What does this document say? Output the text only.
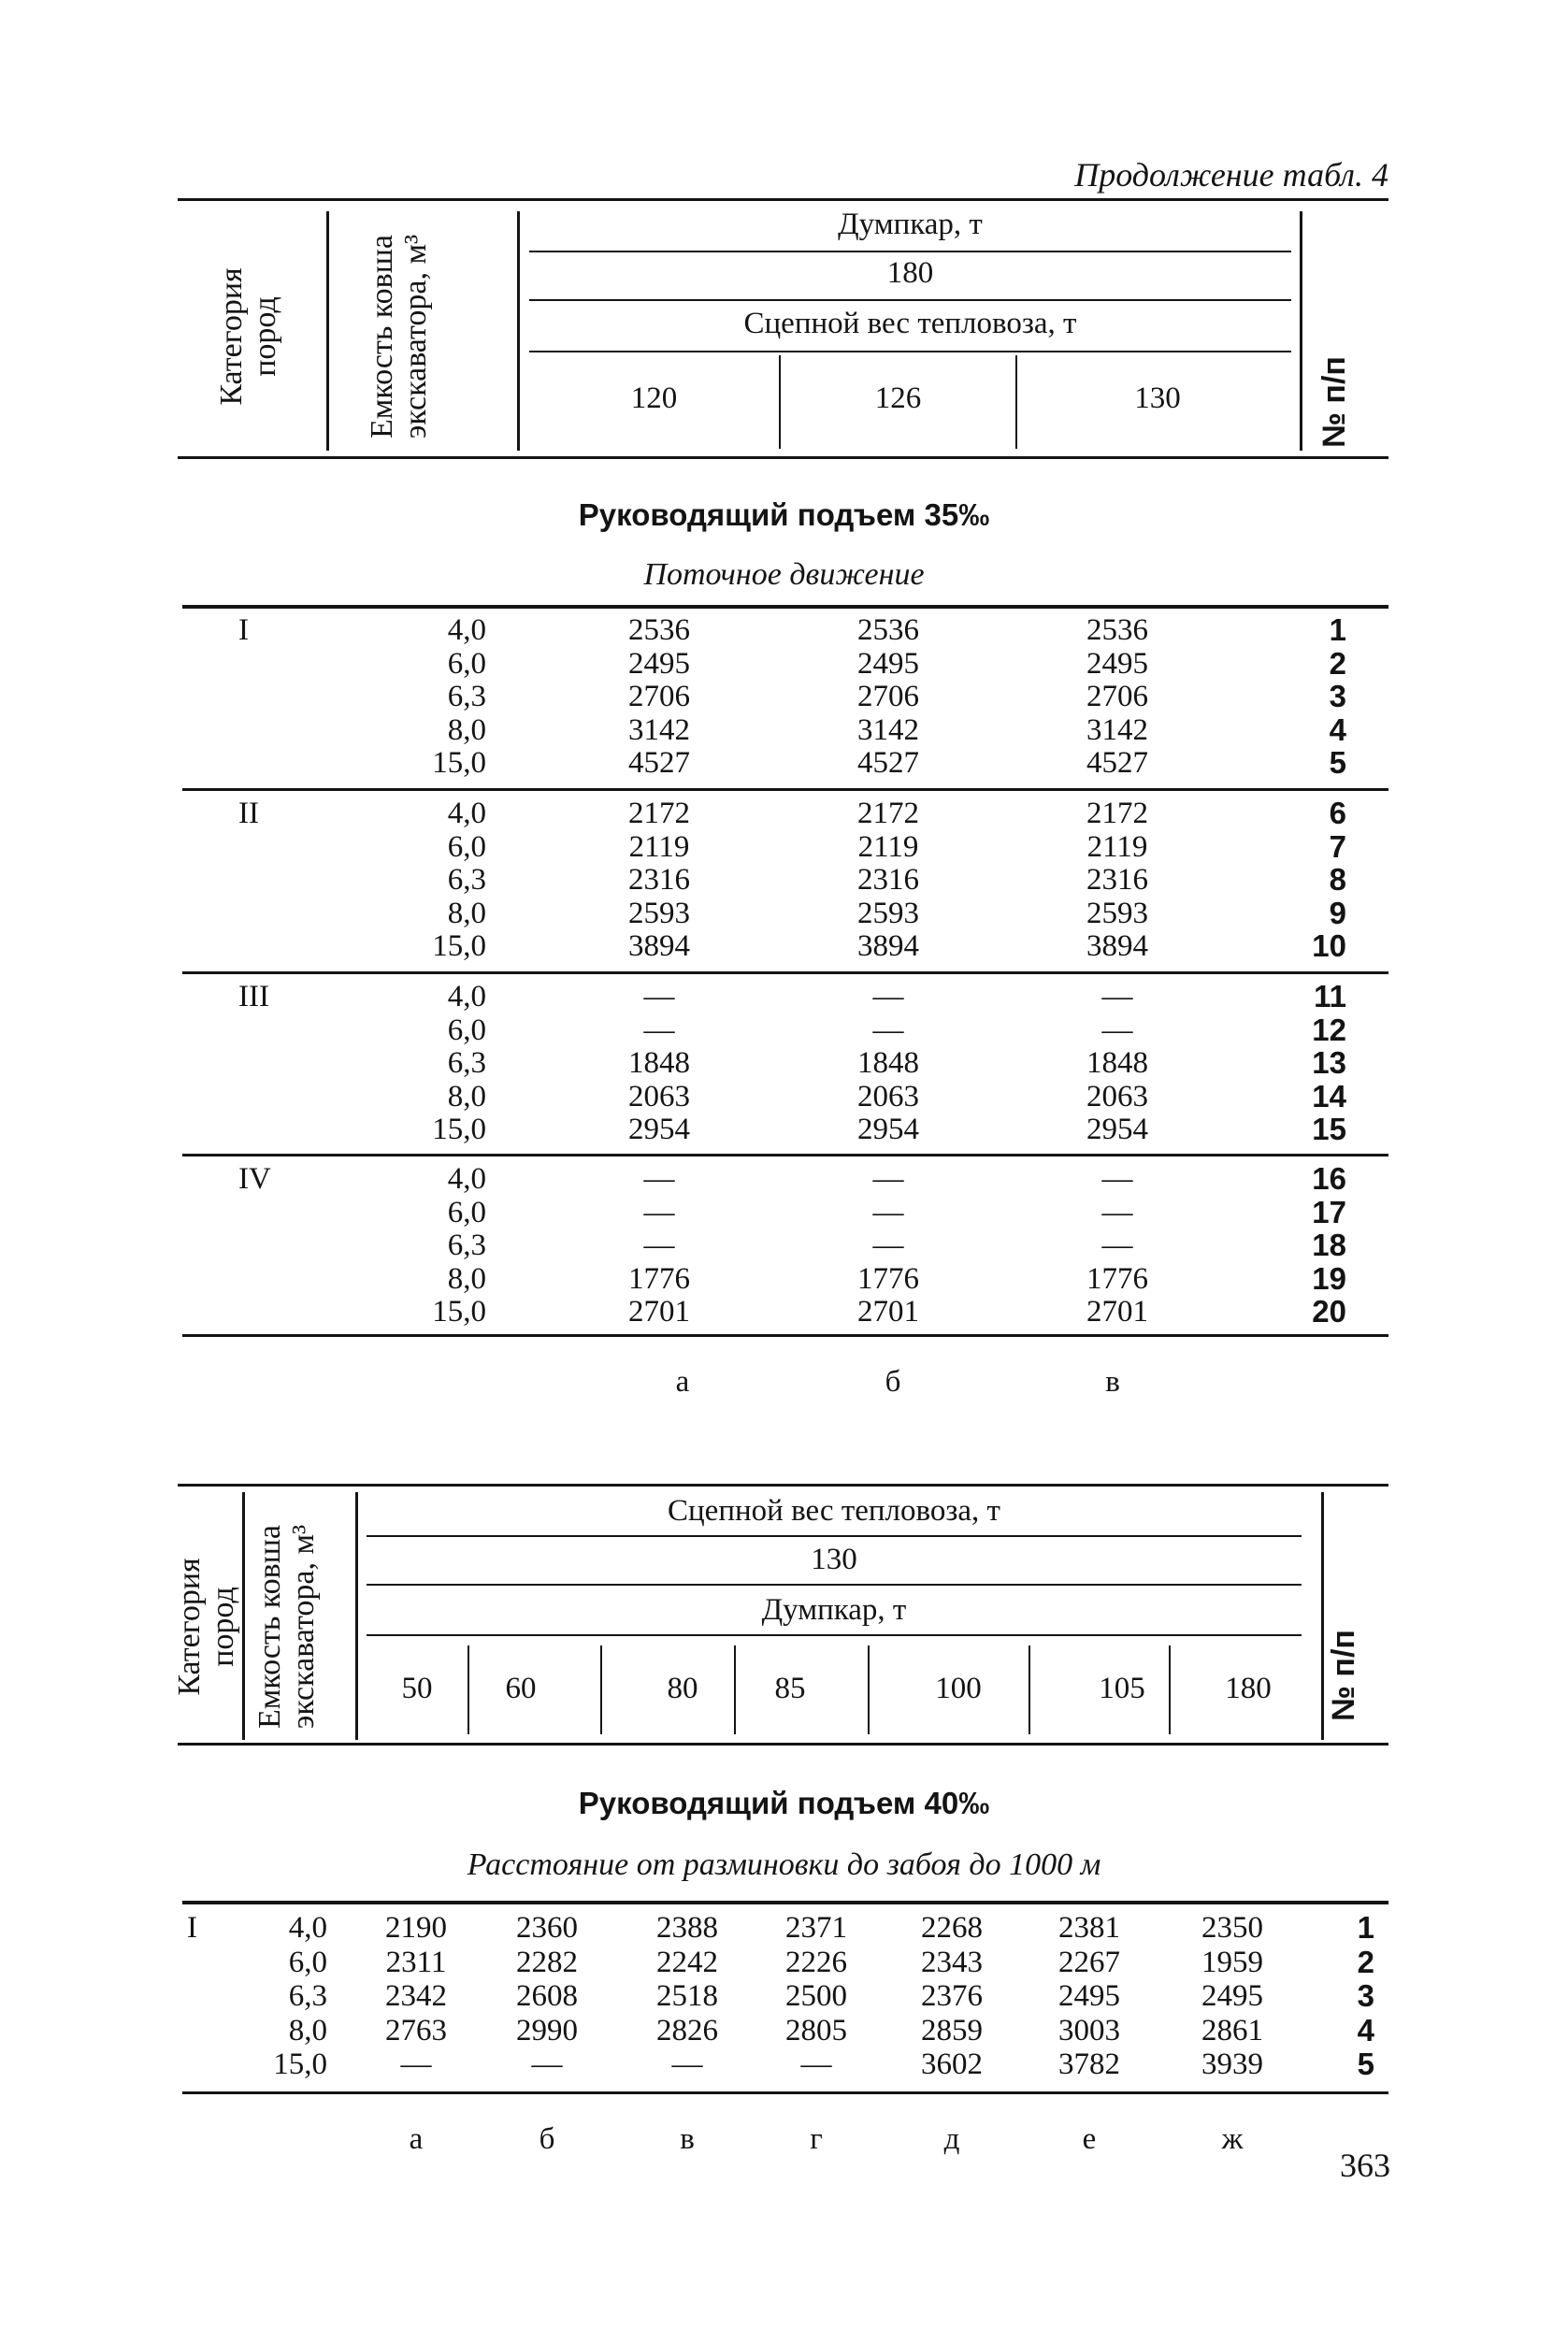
Продолжение табл. 4
Категория пород	Емкость ковша экскаватора, м³	№ п/п
Думпкар, т
180
Сцепной вес тепловоза, т
120	126	130
Руководящий подъем 35‰
Поточное движение
I	4,0	2536	2536	2536	1
6,0	2495	2495	2495	2
6,3	2706	2706	2706	3
8,0	3142	3142	3142	4
15,0	4527	4527	4527	5
II	4,0	2172	2172	2172	6
6,0	2119	2119	2119	7
6,3	2316	2316	2316	8
8,0	2593	2593	2593	9
15,0	3894	3894	3894	10
III	4,0	—	—	—	11
6,0	—	—	—	12
6,3	1848	1848	1848	13
8,0	2063	2063	2063	14
15,0	2954	2954	2954	15
IV	4,0	—	—	—	16
6,0	—	—	—	17
6,3	—	—	—	18
8,0	1776	1776	1776	19
15,0	2701	2701	2701	20
а	б	в
Категория пород Емкость ковша экскаватора, м³	№ п/п
Сцепной вес тепловоза, т
130
Думпкар, т
50	60	80	85	100	105	180
Руководящий подъем 40‰
Расстояние от разминовки до забоя до 1000 м
I	4,0	2190	2360	2388	2371	2268	2381	2350	1
6,0	2311	2282	2242	2226	2343	2267	1959	2
6,3	2342	2608	2518	2500	2376	2495	2495	3
8,0	2763	2990	2826	2805	2859	3003	2861	4
15,0	—	—	—	—	3602	3782	3939	5
а	б	в	г	д	е	ж
363
